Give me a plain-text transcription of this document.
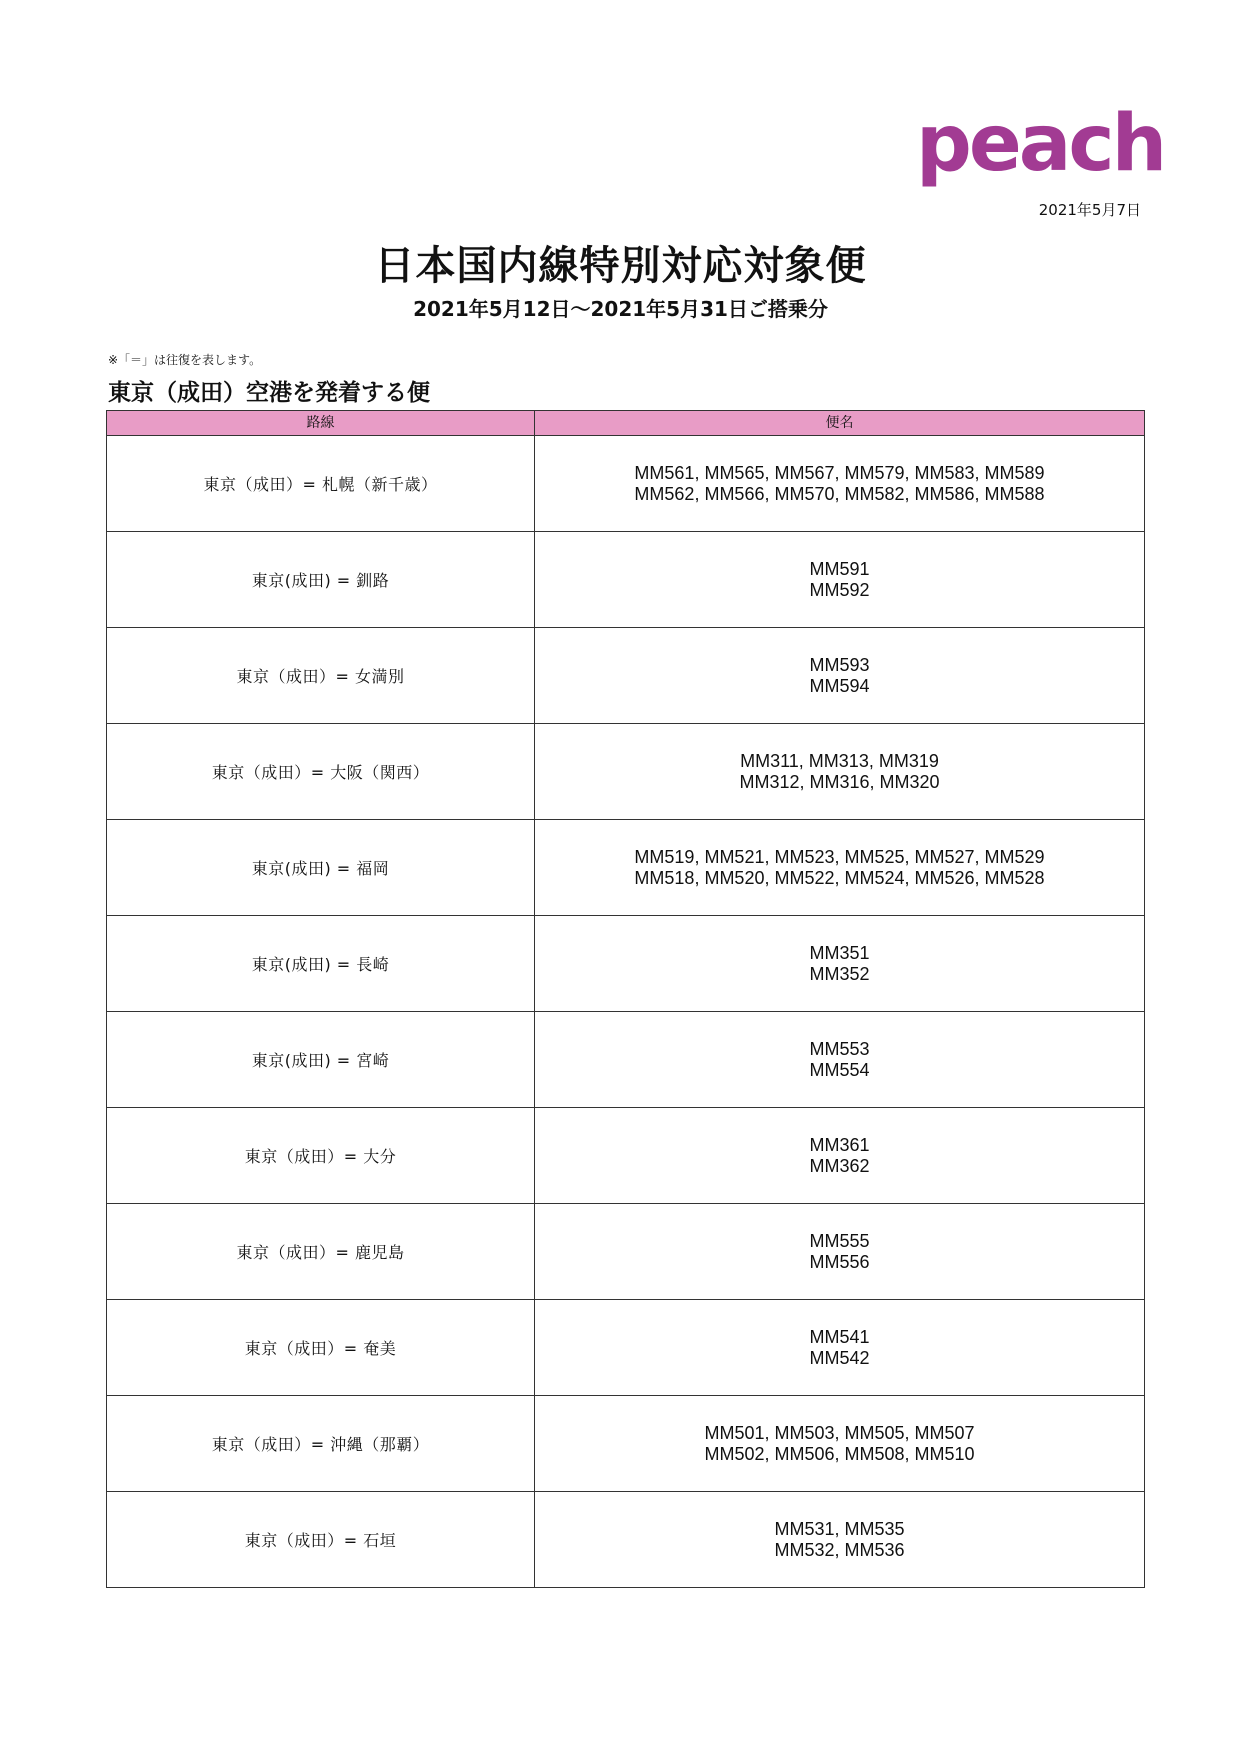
peach
2021年5月7日
日本国内線特別対応対象便
2021年5月12日～2021年5月31日ご搭乗分
※「＝」は往復を表します。
東京（成田）空港を発着する便
路線	便名
東京（成田）= 札幌（新千歳）	MM561, MM565, MM567, MM579, MM583, MM589
MM562, MM566, MM570, MM582, MM586, MM588

東京(成田) = 釧路	MM591
MM592

東京（成田）= 女満別	MM593
MM594

東京（成田）= 大阪（関西）	MM311, MM313, MM319
MM312, MM316, MM320

東京(成田) = 福岡	MM519, MM521, MM523, MM525, MM527, MM529
MM518, MM520, MM522, MM524, MM526, MM528

東京(成田) = 長崎	MM351
MM352

東京(成田) = 宮崎	MM553
MM554

東京（成田）= 大分	MM361
MM362

東京（成田）= 鹿児島	MM555
MM556

東京（成田）= 奄美	MM541
MM542

東京（成田）= 沖縄（那覇）	MM501, MM503, MM505, MM507
MM502, MM506, MM508, MM510

東京（成田）= 石垣	MM531, MM535
MM532, MM536
